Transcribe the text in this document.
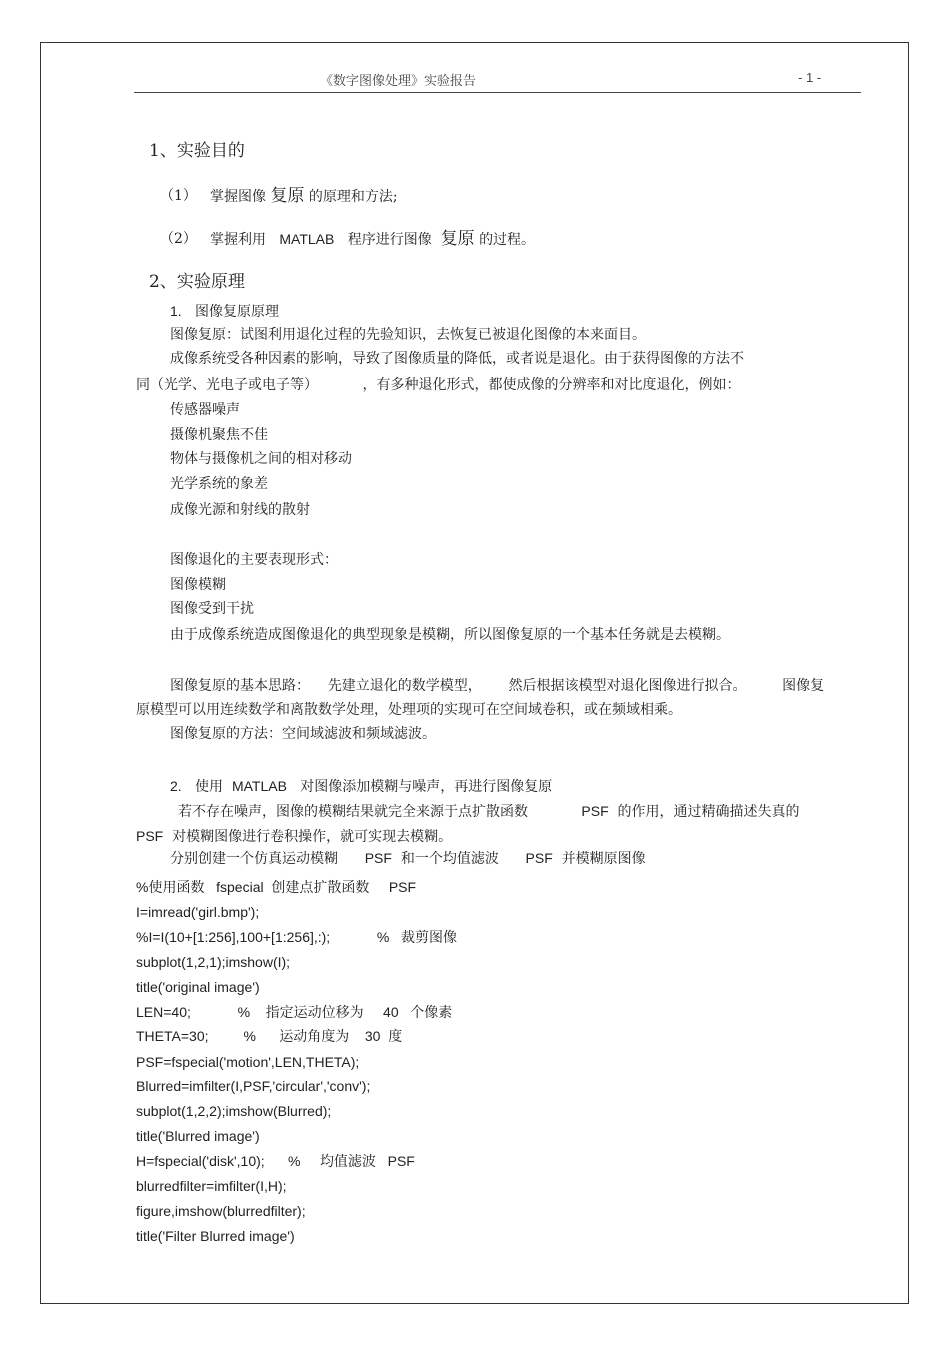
《数字图像处理》实验报告	- 1 -
1、实验目的
（1） 掌握图像 复原 的原理和方法;
（2） 掌握利用 MATLAB 程序进行图像 复原 的过程。
2、实验原理
1. 图像复原原理
图像复原：试图利用退化过程的先验知识，去恢复已被退化图像的本来面目。
成像系统受各种因素的影响，导致了图像质量的降低，或者说是退化。由于获得图像的方法不
同（光学、光电子或电子等）	，有多种退化形式，都使成像的分辨率和对比度退化，例如：
传感器噪声
摄像机聚焦不佳
物体与摄像机之间的相对移动
光学系统的象差
成像光源和射线的散射
图像退化的主要表现形式：
图像模糊
图像受到干扰
由于成像系统造成图像退化的典型现象是模糊，所以图像复原的一个基本任务就是去模糊。
图像复原的基本思路： 先建立退化的数学模型， 然后根据该模型对退化图像进行拟合。	图像复
原模型可以用连续数学和离散数学处理，处理项的实现可在空间域卷积，或在频域相乘。
图像复原的方法：空间域滤波和频域滤波。
2. 使用 MATLAB 对图像添加模糊与噪声，再进行图像复原
若不存在噪声，图像的模糊结果就完全来源于点扩散函数	PSF 的作用，通过精确描述失真的
PSF 对模糊图像进行卷积操作，就可实现去模糊。
分别创建一个仿真运动模糊 PSF 和一个均值滤波 PSF 并模糊原图像
%使用函数 fspecial 创建点扩散函数 PSF
I=imread('girl.bmp');
%I=I(10+[1:256],100+[1:256],:);	% 裁剪图像
subplot(1,2,1);imshow(I);
title('original image')
LEN=40;	% 指定运动位移为 40 个像素
THETA=30;	% 运动角度为 30 度
PSF=fspecial('motion',LEN,THETA);
Blurred=imfilter(I,PSF,'circular','conv');
subplot(1,2,2);imshow(Blurred);
title('Blurred image')
H=fspecial('disk',10); % 均值滤波 PSF
blurredfilter=imfilter(I,H);
figure,imshow(blurredfilter);
title('Filter Blurred image')
